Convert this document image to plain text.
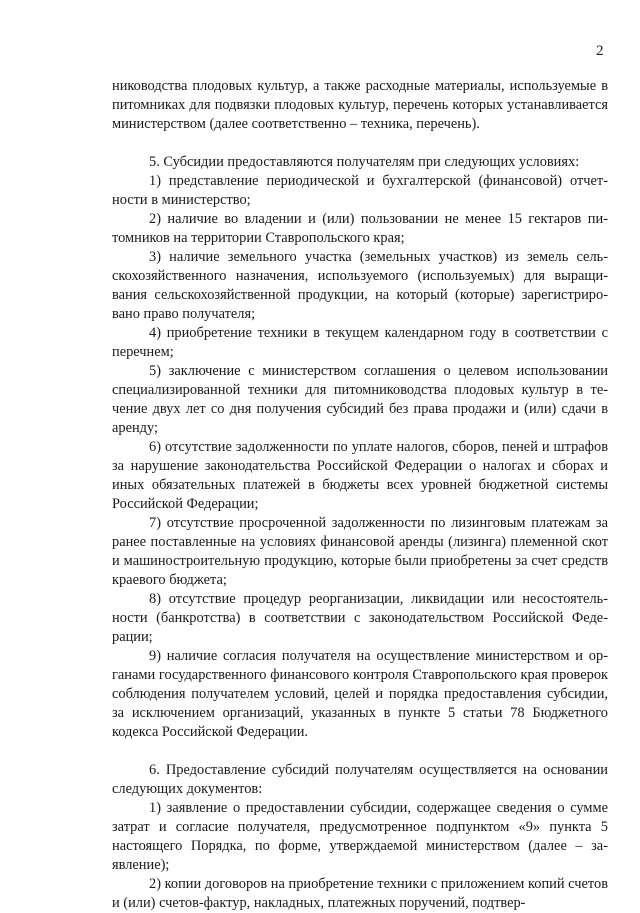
2

ниководства плодовых культур, а также расходные материалы, используемые в питомниках для подвязки плодовых культур, перечень которых устанавливается министерством (далее соответственно – техника, перечень).

5. Субсидии предоставляются получателям при следующих условиях:

1) представление периодической и бухгалтерской (финансовой) отчетности в министерство;

2) наличие во владении и (или) пользовании не менее 15 гектаров питомников на территории Ставропольского края;

3) наличие земельного участка (земельных участков) из земель сельскохозяйственного назначения, используемого (используемых) для выращивания сельскохозяйственной продукции, на который (которые) зарегистрировано право получателя;

4) приобретение техники в текущем календарном году в соответствии с перечнем;

5) заключение с министерством соглашения о целевом использовании специализированной техники для питомниководства плодовых культур в течение двух лет со дня получения субсидий без права продажи и (или) сдачи в аренду;

6) отсутствие задолженности по уплате налогов, сборов, пеней и штрафов за нарушение законодательства Российской Федерации о налогах и сборах и иных обязательных платежей в бюджеты всех уровней бюджетной системы Российской Федерации;

7) отсутствие просроченной задолженности по лизинговым платежам за ранее поставленные на условиях финансовой аренды (лизинга) племенной скот и машиностроительную продукцию, которые были приобретены за счет средств краевого бюджета;

8) отсутствие процедур реорганизации, ликвидации или несостоятельности (банкротства) в соответствии с законодательством Российской Федерации;

9) наличие согласия получателя на осуществление министерством и органами государственного финансового контроля Ставропольского края проверок соблюдения получателем условий, целей и порядка предоставления субсидии, за исключением организаций, указанных в пункте 5 статьи 78 Бюджетного кодекса Российской Федерации.

6. Предоставление субсидий получателям осуществляется на основании следующих документов:

1) заявление о предоставлении субсидии, содержащее сведения о сумме затрат и согласие получателя, предусмотренное подпунктом «9» пункта 5 настоящего Порядка, по форме, утверждаемой министерством (далее – заявление);

2) копии договоров на приобретение техники с приложением копий счетов и (или) счетов-фактур, накладных, платежных поручений, подтвер-
